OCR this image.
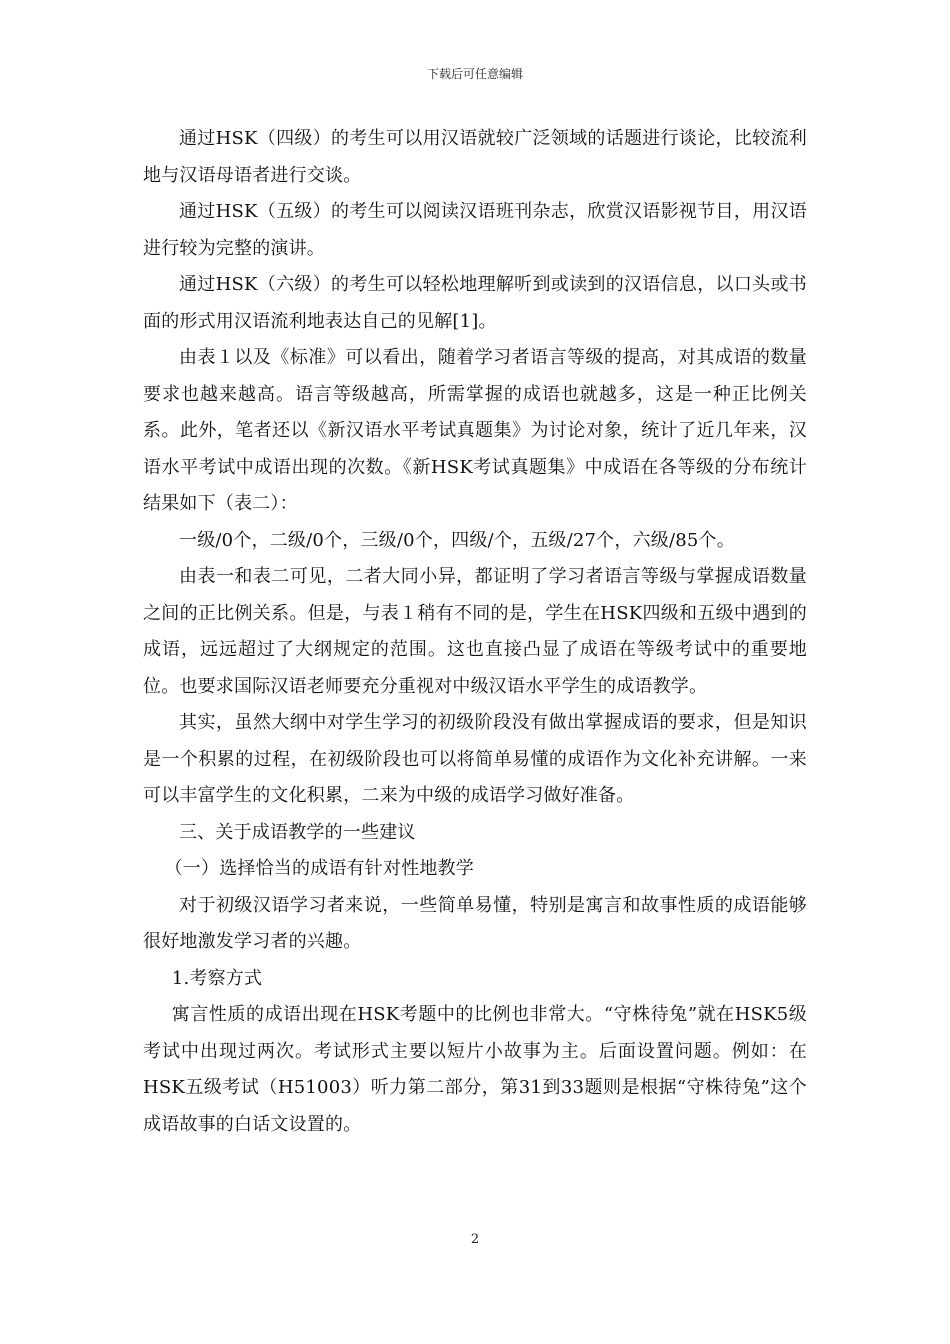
下载后可任意编辑

通过HSK（四级）的考生可以用汉语就较广泛领域的话题进行谈论，比较流利地与汉语母语者进行交谈。

通过HSK（五级）的考生可以阅读汉语班刊杂志，欣赏汉语影视节目，用汉语进行较为完整的演讲。

通过HSK（六级）的考生可以轻松地理解听到或读到的汉语信息，以口头或书面的形式用汉语流利地表达自己的见解[1]。

由表１以及《标准》可以看出，随着学习者语言等级的提高，对其成语的数量要求也越来越高。语言等级越高，所需掌握的成语也就越多，这是一种正比例关系。此外，笔者还以《新汉语水平考试真题集》为讨论对象，统计了近几年来，汉语水平考试中成语出现的次数。《新HSK考试真题集》中成语在各等级的分布统计结果如下（表二）：

一级/0个，二级/0个，三级/0个，四级/个，五级/27个，六级/85个。

由表一和表二可见，二者大同小异，都证明了学习者语言等级与掌握成语数量之间的正比例关系。但是，与表１稍有不同的是，学生在HSK四级和五级中遇到的成语，远远超过了大纲规定的范围。这也直接凸显了成语在等级考试中的重要地位。也要求国际汉语老师要充分重视对中级汉语水平学生的成语教学。

其实，虽然大纲中对学生学习的初级阶段没有做出掌握成语的要求，但是知识是一个积累的过程，在初级阶段也可以将简单易懂的成语作为文化补充讲解。一来可以丰富学生的文化积累，二来为中级的成语学习做好准备。

三、关于成语教学的一些建议

（一）选择恰当的成语有针对性地教学

对于初级汉语学习者来说，一些简单易懂，特别是寓言和故事性质的成语能够很好地激发学习者的兴趣。

1.考察方式

寓言性质的成语出现在HSK考题中的比例也非常大。“守株待兔”就在HSK5级考试中出现过两次。考试形式主要以短片小故事为主。后面设置问题。例如：在HSK五级考试（H51003）听力第二部分，第31到33题则是根据“守株待兔”这个成语故事的白话文设置的。

2
